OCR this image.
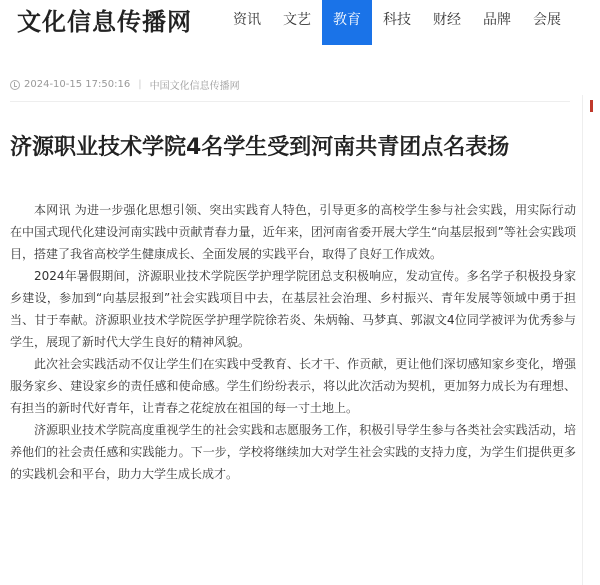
文化信息传播网	资讯	文艺	教育	科技	财经	品牌	会展
2024-10-15 17:50:16 | 中国文化信息传播网
济源职业技术学院4名学生受到河南共青团点名表扬

本网讯 为进一步强化思想引领、突出实践育人特色，引导更多的高校学生参与社会实践，用实际行动在中国式现代化建设河南实践中贡献青春力量，近年来，团河南省委开展大学生“向基层报到”等社会实践项目，搭建了我省高校学生健康成长、全面发展的实践平台，取得了良好工作成效。

2024年暑假期间，济源职业技术学院医学护理学院团总支积极响应，发动宣传。多名学子积极投身家乡建设，参加到“向基层报到”社会实践项目中去，在基层社会治理、乡村振兴、青年发展等领域中勇于担当、甘于奉献。济源职业技术学院医学护理学院徐若炎、朱炳翰、马梦真、郭淑文4位同学被评为优秀参与学生，展现了新时代大学生良好的精神风貌。

此次社会实践活动不仅让学生们在实践中受教育、长才干、作贡献，更让他们深切感知家乡变化，增强服务家乡、建设家乡的责任感和使命感。学生们纷纷表示，将以此次活动为契机，更加努力成长为有理想、有担当的新时代好青年，让青春之花绽放在祖国的每一寸土地上。

济源职业技术学院高度重视学生的社会实践和志愿服务工作，积极引导学生参与各类社会实践活动，培养他们的社会责任感和实践能力。下一步，学校将继续加大对学生社会实践的支持力度，为学生们提供更多的实践机会和平台，助力大学生成长成才。
